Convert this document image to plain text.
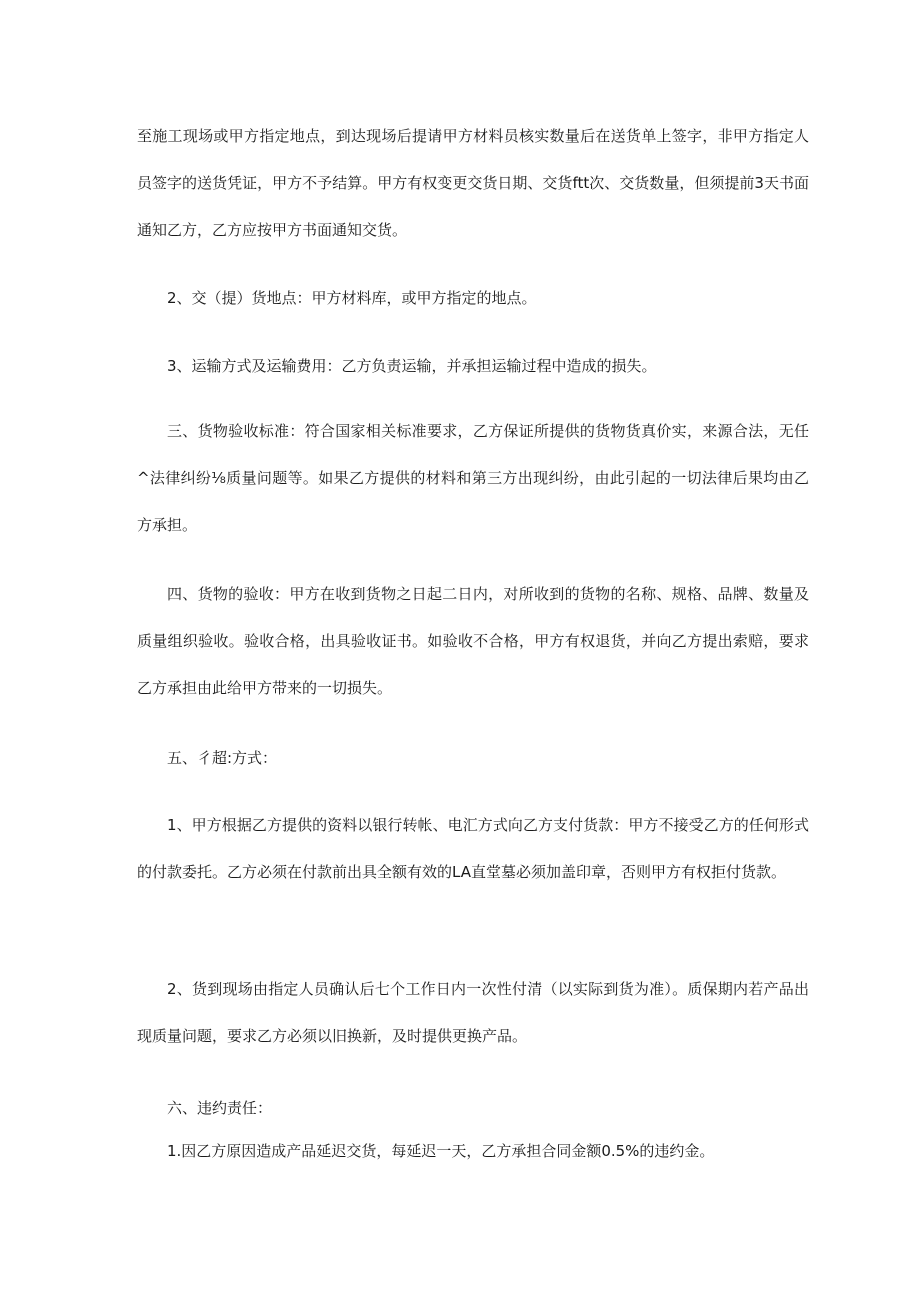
至施工现场或甲方指定地点，到达现场后提请甲方材料员核实数量后在送货单上签字，非甲方指定人员签字的送货凭证，甲方不予结算。甲方有权变更交货日期、交货ftt次、交货数量，但须提前3天书面通知乙方，乙方应按甲方书面通知交货。

2、交（提）货地点：甲方材料库，或甲方指定的地点。

3、运输方式及运输费用：乙方负责运输，并承担运输过程中造成的损失。

三、货物验收标准：符合国家相关标准要求，乙方保证所提供的货物货真价实，来源合法，无任^法律纠纷⅛质量问题等。如果乙方提供的材料和第三方出现纠纷，由此引起的一切法律后果均由乙方承担。

四、货物的验收：甲方在收到货物之日起二日内，对所收到的货物的名称、规格、品牌、数量及质量组织验收。验收合格，出具验收证书。如验收不合格，甲方有权退货，并向乙方提出索赔，要求乙方承担由此给甲方带来的一切损失。

五、彳超:方式：

1、甲方根据乙方提供的资料以银行转帐、电汇方式向乙方支付货款：甲方不接受乙方的任何形式的付款委托。乙方必须在付款前出具全额有效的LA直堂墓必须加盖印章，否则甲方有权拒付货款。

2、货到现场由指定人员确认后七个工作日内一次性付清（以实际到货为准）。质保期内若产品出现质量问题，要求乙方必须以旧换新，及时提供更换产品。

六、违约责任：

1.因乙方原因造成产品延迟交货，每延迟一天，乙方承担合同金额0.5%的违约金。
